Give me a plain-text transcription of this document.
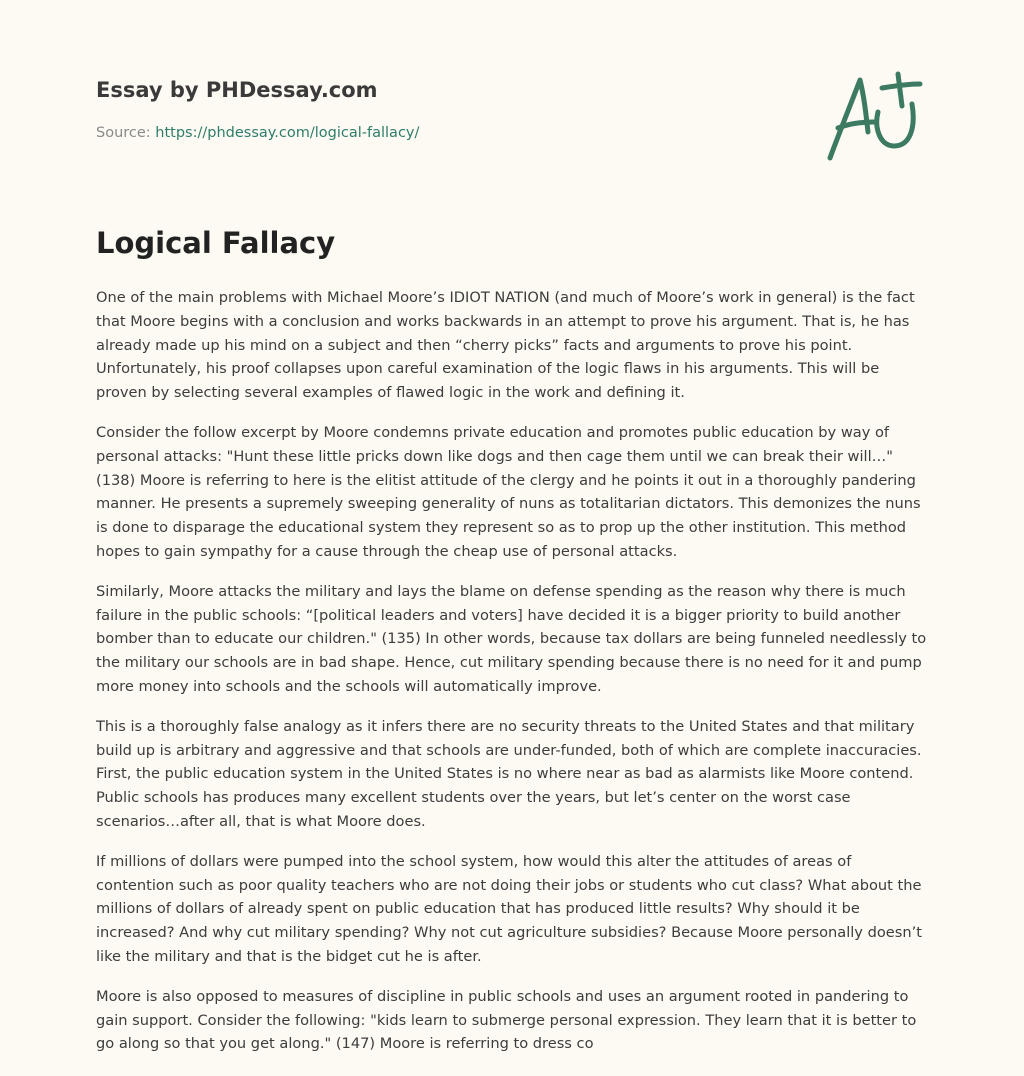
Essay by PHDessay.com
Source: https://phdessay.com/logical-fallacy/
Logical Fallacy

One of the main problems with Michael Moore’s IDIOT NATION (and much of Moore’s work in general) is the fact that Moore begins with a conclusion and works backwards in an attempt to prove his argument. That is, he has already made up his mind on a subject and then “cherry picks” facts and arguments to prove his point. Unfortunately, his proof collapses upon careful examination of the logic flaws in his arguments. This will be proven by selecting several examples of flawed logic in the work and defining it.

Consider the follow excerpt by Moore condemns private education and promotes public education by way of personal attacks: "Hunt these little pricks down like dogs and then cage them until we can break their will…" (138) Moore is referring to here is the elitist attitude of the clergy and he points it out in a thoroughly pandering manner. He presents a supremely sweeping generality of nuns as totalitarian dictators. This demonizes the nuns is done to disparage the educational system they represent so as to prop up the other institution. This method hopes to gain sympathy for a cause through the cheap use of personal attacks.

Similarly, Moore attacks the military and lays the blame on defense spending as the reason why there is much failure in the public schools: “[political leaders and voters] have decided it is a bigger priority to build another bomber than to educate our children." (135) In other words, because tax dollars are being funneled needlessly to the military our schools are in bad shape. Hence, cut military spending because there is no need for it and pump more money into schools and the schools will automatically improve.

This is a thoroughly false analogy as it infers there are no security threats to the United States and that military build up is arbitrary and aggressive and that schools are under-funded, both of which are complete inaccuracies. First, the public education system in the United States is no where near as bad as alarmists like Moore contend. Public schools has produces many excellent students over the years, but let’s center on the worst case scenarios…after all, that is what Moore does.

If millions of dollars were pumped into the school system, how would this alter the attitudes of areas of contention such as poor quality teachers who are not doing their jobs or students who cut class? What about the millions of dollars of already spent on public education that has produced little results? Why should it be increased? And why cut military spending? Why not cut agriculture subsidies? Because Moore personally doesn’t like the military and that is the bidget cut he is after.

Moore is also opposed to measures of discipline in public schools and uses an argument rooted in pandering to gain support. Consider the following: "kids learn to submerge personal expression. They learn that it is better to go along so that you get along." (147) Moore is referring to dress co
